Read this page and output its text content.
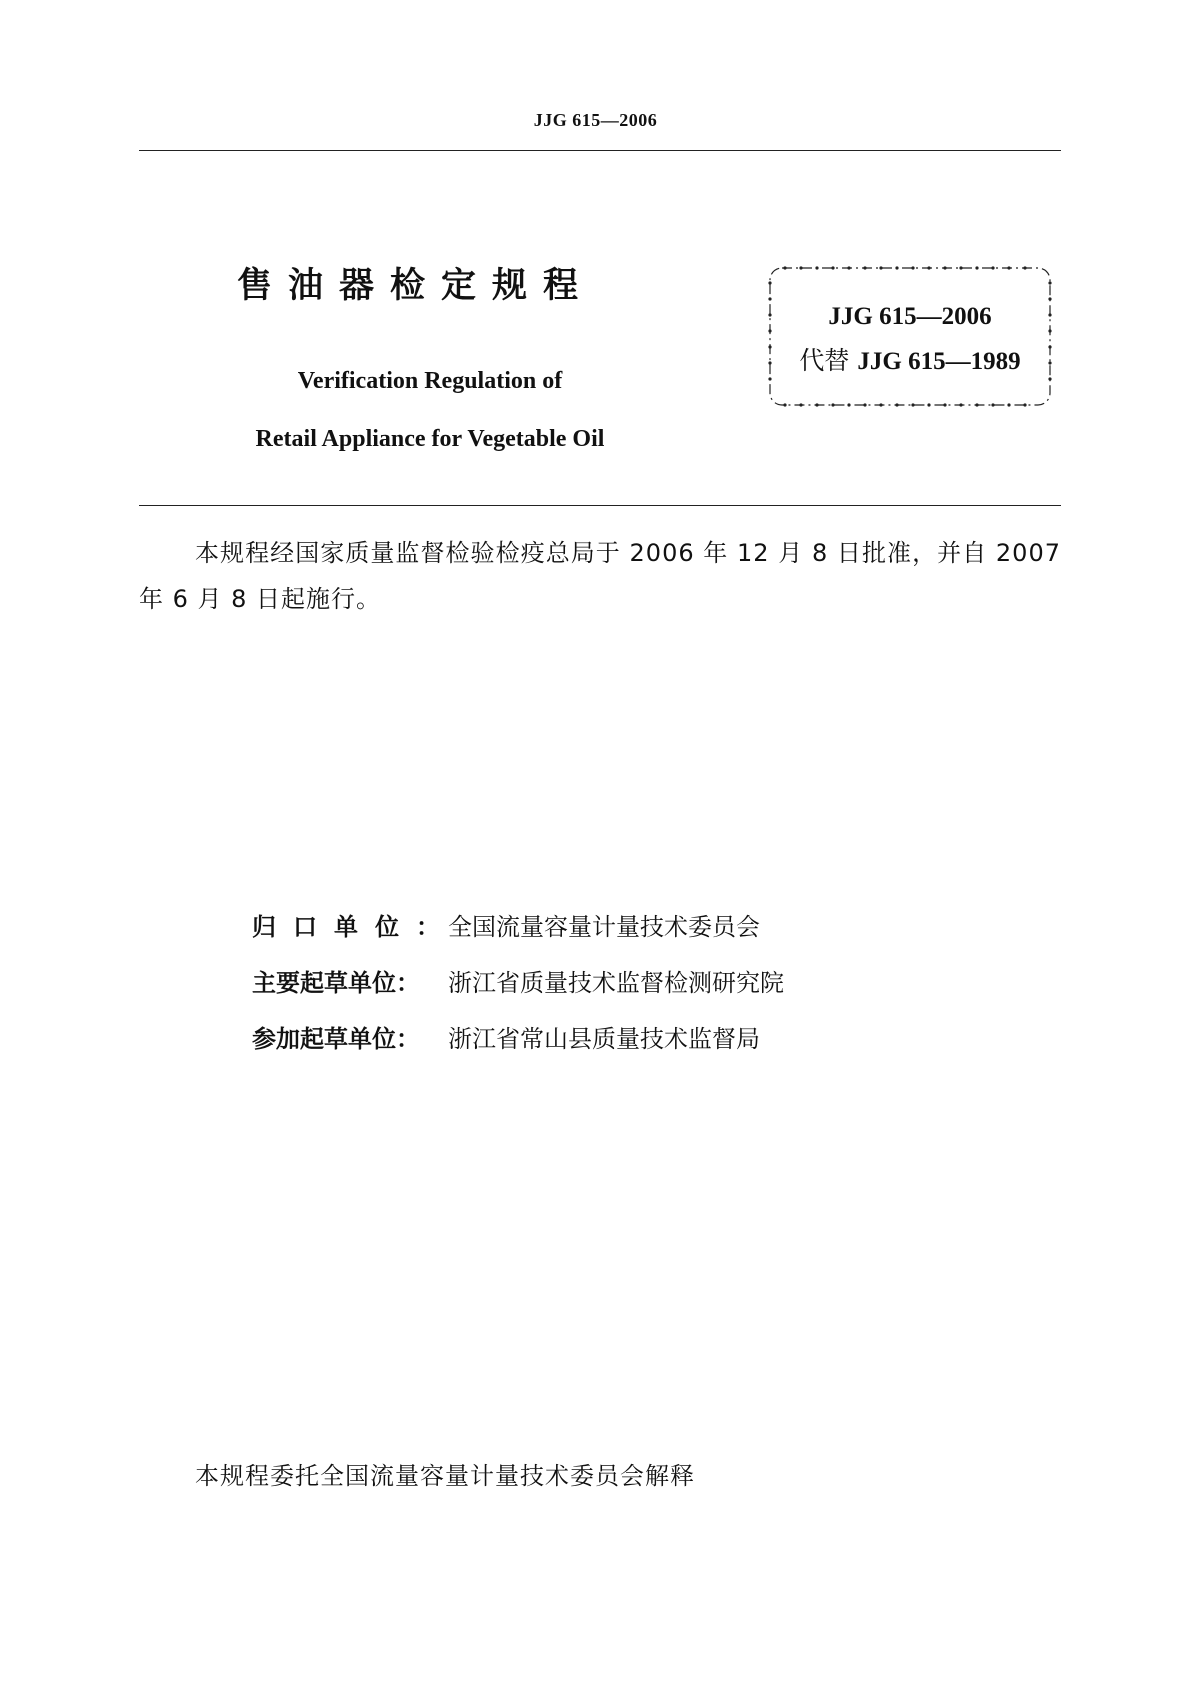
JJG 615—2006
售油器检定规程
Verification Regulation of
Retail Appliance for Vegetable Oil
JJG 615—2006
代替 JJG 615—1989
本规程经国家质量监督检验检疫总局于 2006 年 12 月 8 日批准，并自 2007 年 6 月 8 日起施行。
归口单位：全国流量容量计量技术委员会
主要起草单位： 浙江省质量技术监督检测研究院
参加起草单位： 浙江省常山县质量技术监督局
本规程委托全国流量容量计量技术委员会解释
